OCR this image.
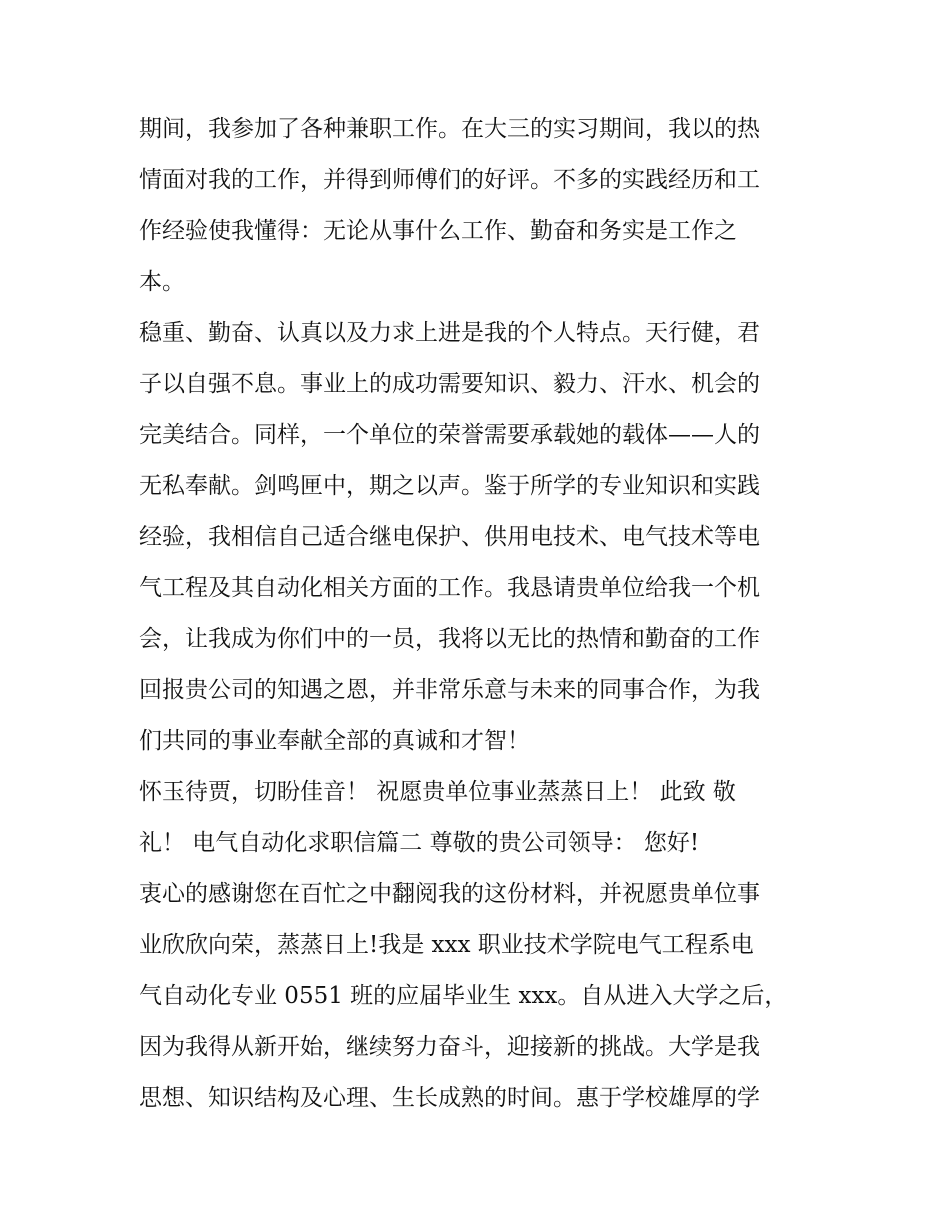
期间，我参加了各种兼职工作。在大三的实习期间，我以的热
情面对我的工作，并得到师傅们的好评。不多的实践经历和工
作经验使我懂得：无论从事什么工作、勤奋和务实是工作之
本。
稳重、勤奋、认真以及力求上进是我的个人特点。天行健，君
子以自强不息。事业上的成功需要知识、毅力、汗水、机会的
完美结合。同样，一个单位的荣誉需要承载她的载体——人的
无私奉献。剑鸣匣中，期之以声。鉴于所学的专业知识和实践
经验，我相信自己适合继电保护、供用电技术、电气技术等电
气工程及其自动化相关方面的工作。我恳请贵单位给我一个机
会，让我成为你们中的一员，我将以无比的热情和勤奋的工作
回报贵公司的知遇之恩，并非常乐意与未来的同事合作，为我
们共同的事业奉献全部的真诚和才智！
怀玉待贾，切盼佳音！ 祝愿贵单位事业蒸蒸日上！ 此致 敬
礼！ 电气自动化求职信篇二 尊敬的贵公司领导： 您好!
衷心的感谢您在百忙之中翻阅我的这份材料，并祝愿贵单位事
业欣欣向荣，蒸蒸日上!我是 xxx 职业技术学院电气工程系电
气自动化专业 0551 班的应届毕业生 xxx。自从进入大学之后，
因为我得从新开始，继续努力奋斗，迎接新的挑战。大学是我
思想、知识结构及心理、生长成熟的时间。惠于学校雄厚的学
